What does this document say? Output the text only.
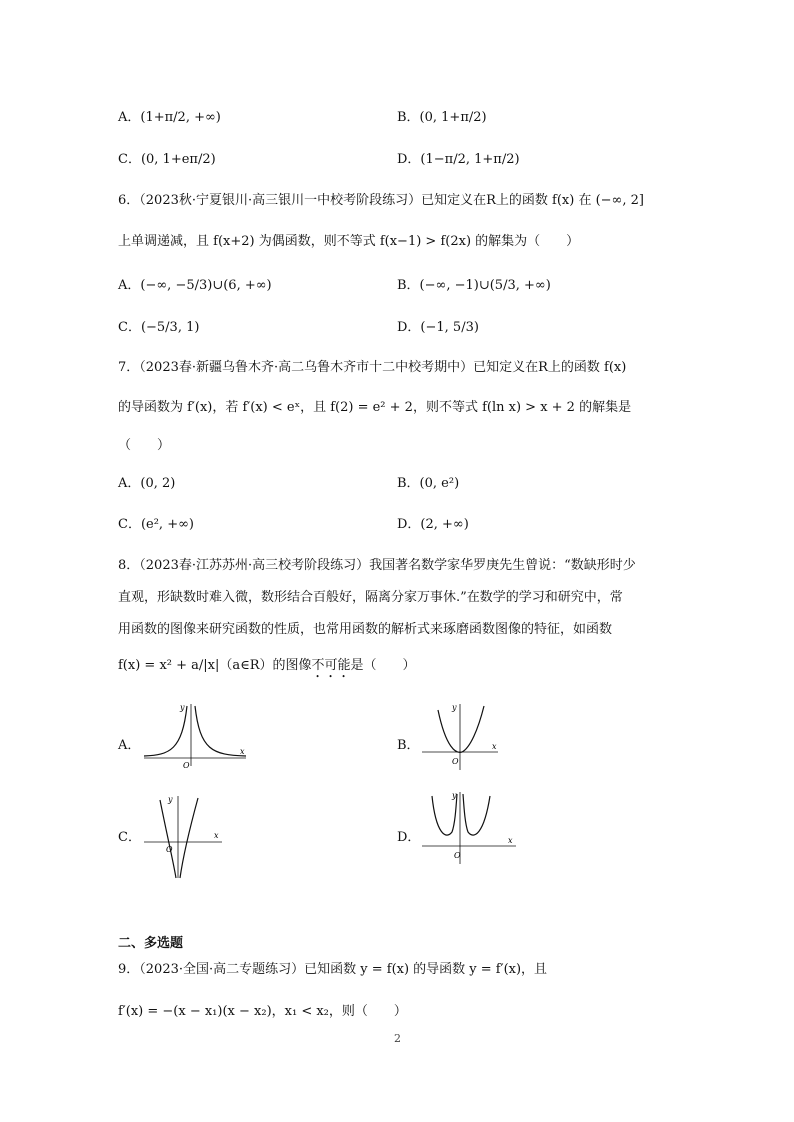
A．(1+π/2, +∞)	B．(0, 1+π/2)
C．(0, 1+eπ/2)	D．(1−π/2, 1+π/2)
6．（2023秋·宁夏银川·高三银川一中校考阶段练习）已知定义在R上的函数 f(x) 在 (−∞, 2]
上单调递减，且 f(x+2) 为偶函数，则不等式 f(x−1) > f(2x) 的解集为（　　）
A．(−∞, −5/3)∪(6, +∞)	B．(−∞, −1)∪(5/3, +∞)
C．(−5/3, 1)	D．(−1, 5/3)
7．（2023春·新疆乌鲁木齐·高二乌鲁木齐市十二中校考期中）已知定义在R上的函数 f(x)
的导函数为 f′(x)，若 f′(x) < eˣ，且 f(2) = e² + 2，则不等式 f(ln x) > x + 2 的解集是
（　　）
A．(0, 2)	B．(0, e²)
C．(e², +∞)	D．(2, +∞)
8．（2023春·江苏苏州·高三校考阶段练习）我国著名数学家华罗庚先生曾说：“数缺形时少
直观，形缺数时难入微，数形结合百般好，隔离分家万事休.”在数学的学习和研究中，常
用函数的图像来研究函数的性质，也常用函数的解析式来琢磨函数图像的特征，如函数
f(x) = x² + a/|x|（a∈R）的图像不可能是（　　）
A．	B．
C．	D．
y
x
O
y
x
O
y
x
O
y
x
O
二、多选题
9．（2023·全国·高二专题练习）已知函数 y = f(x) 的导函数 y = f′(x)，且
f′(x) = −(x − x₁)(x − x₂)，x₁ < x₂，则（　　）
2
